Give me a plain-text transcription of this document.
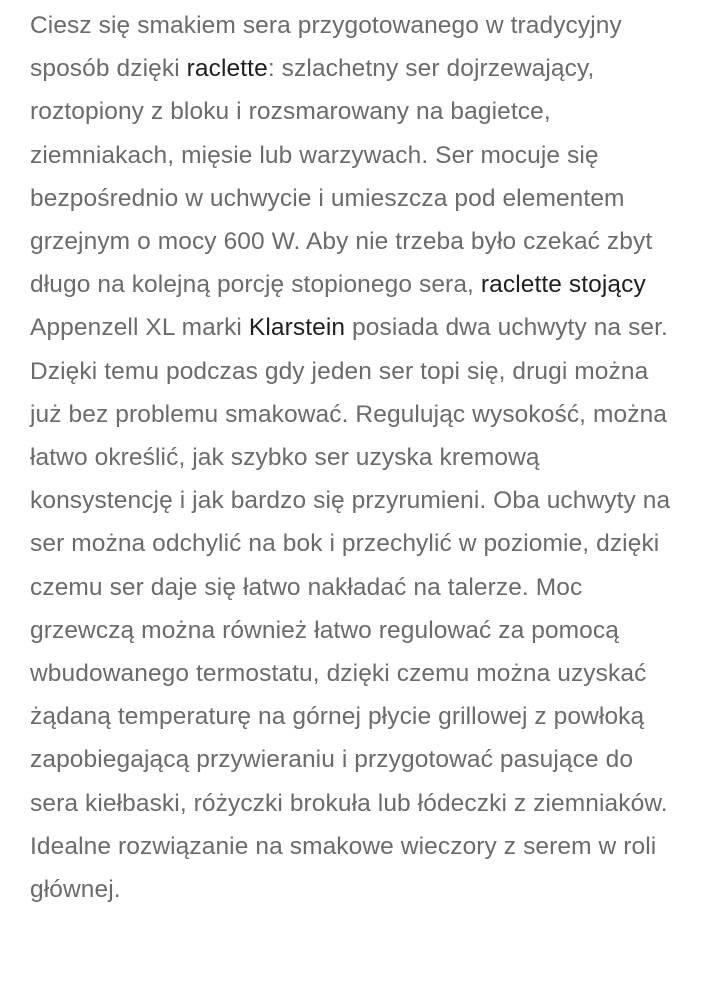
Ciesz się smakiem sera przygotowanego w tradycyjny sposób dzięki raclette: szlachetny ser dojrzewający, roztopiony z bloku i rozsmarowany na bagietce, ziemniakach, mięsie lub warzywach. Ser mocuje się bezpośrednio w uchwycie i umieszcza pod elementem grzejnym o mocy 600 W. Aby nie trzeba było czekać zbyt długo na kolejną porcję stopionego sera, raclette stojący Appenzell XL marki Klarstein posiada dwa uchwyty na ser. Dzięki temu podczas gdy jeden ser topi się, drugi można już bez problemu smakować. Regulując wysokość, można łatwo określić, jak szybko ser uzyska kremową konsystencję i jak bardzo się przyrumieni. Oba uchwyty na ser można odchylić na bok i przechylić w poziomie, dzięki czemu ser daje się łatwo nakładać na talerze. Moc grzewczą można również łatwo regulować za pomocą wbudowanego termostatu, dzięki czemu można uzyskać żądaną temperaturę na górnej płycie grillowej z powłoką zapobiegającą przywieraniu i przygotować pasujące do sera kiełbaski, różyczki brokuła lub łódeczki z ziemniaków. Idealne rozwiązanie na smakowe wieczory z serem w roli głównej.
